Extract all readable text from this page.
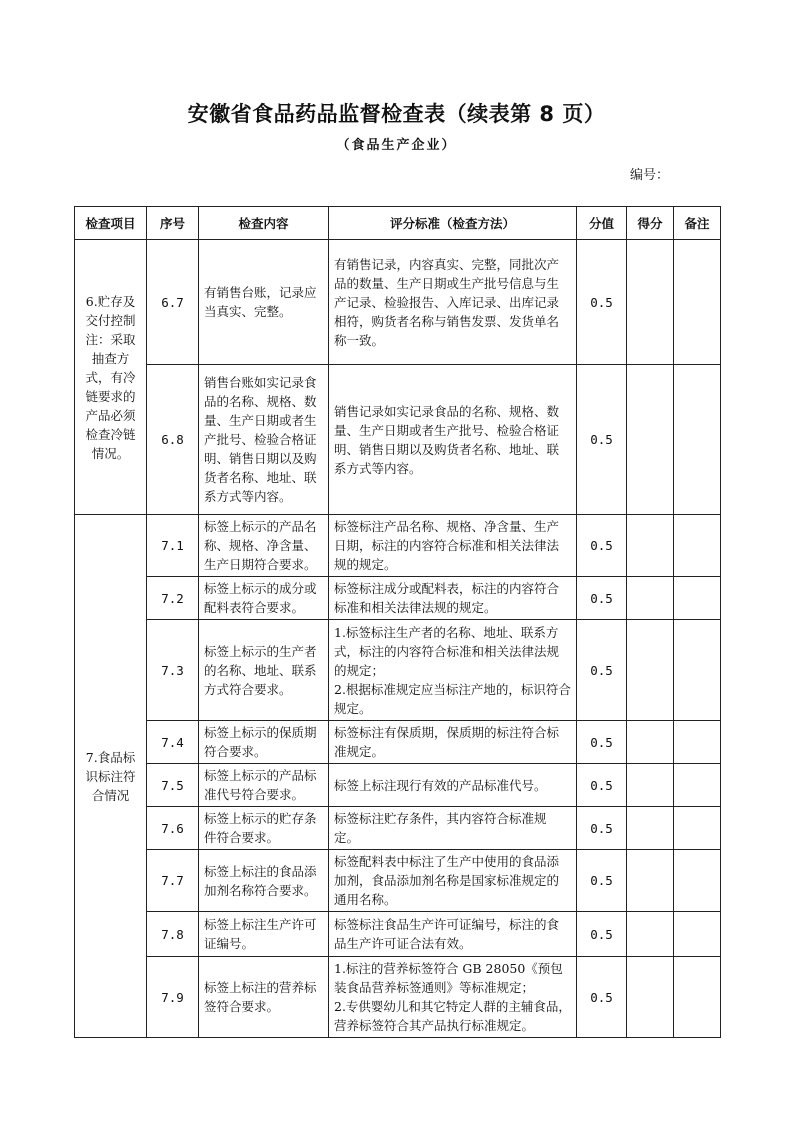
安徽省食品药品监督检查表（续表第 8 页）
（食品生产企业）
编号：
检查项目	序号	检查内容	评分标准（检查方法）	分值	得分	备注
6.贮存及交付控制注：采取抽查方式，有冷链要求的产品必须检查冷链情况。	6.7	有销售台账，记录应当真实、完整。	有销售记录，内容真实、完整，同批次产品的数量、生产日期或生产批号信息与生产记录、检验报告、入库记录、出库记录相符，购货者名称与销售发票、发货单名称一致。	0.5		
	6.8	销售台账如实记录食品的名称、规格、数量、生产日期或者生产批号、检验合格证明、销售日期以及购货者名称、地址、联系方式等内容。	销售记录如实记录食品的名称、规格、数量、生产日期或者生产批号、检验合格证明、销售日期以及购货者名称、地址、联系方式等内容。	0.5		
7.食品标识标注符合情况	7.1	标签上标示的产品名称、规格、净含量、生产日期符合要求。	标签标注产品名称、规格、净含量、生产日期，标注的内容符合标准和相关法律法规的规定。	0.5		
	7.2	标签上标示的成分或配料表符合要求。	标签标注成分或配料表，标注的内容符合标准和相关法律法规的规定。	0.5		
	7.3	标签上标示的生产者的名称、地址、联系方式符合要求。	1.标签标注生产者的名称、地址、联系方式，标注的内容符合标准和相关法律法规的规定；
2.根据标准规定应当标注产地的，标识符合规定。	0.5		
	7.4	标签上标示的保质期符合要求。	标签标注有保质期，保质期的标注符合标准规定。	0.5		
	7.5	标签上标示的产品标准代号符合要求。	标签上标注现行有效的产品标准代号。	0.5		
	7.6	标签上标示的贮存条件符合要求。	标签标注贮存条件，其内容符合标准规定。	0.5		
	7.7	标签上标注的食品添加剂名称符合要求。	标签配料表中标注了生产中使用的食品添加剂，食品添加剂名称是国家标准规定的通用名称。	0.5		
	7.8	标签上标注生产许可证编号。	标签标注食品生产许可证编号，标注的食品生产许可证合法有效。	0.5		
	7.9	标签上标注的营养标签符合要求。	1.标注的营养标签符合 GB 28050《预包装食品营养标签通则》等标准规定；
2.专供婴幼儿和其它特定人群的主辅食品，营养标签符合其产品执行标准规定。	0.5		
